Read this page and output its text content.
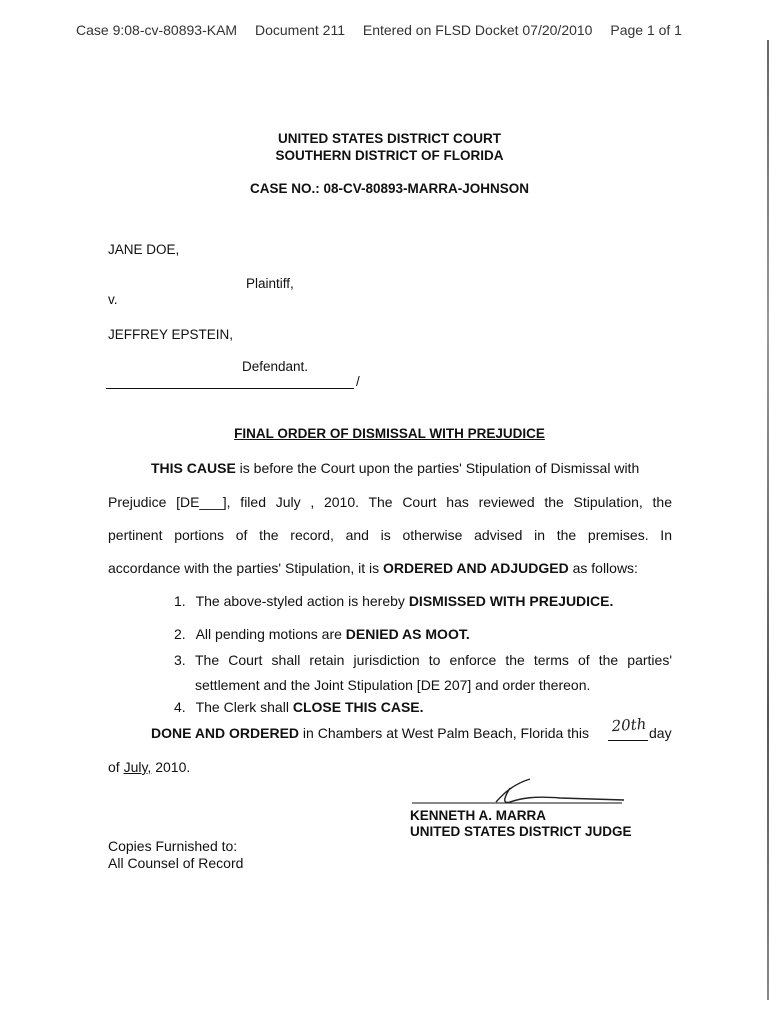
Case 9:08-cv-80893-KAM Document 211 Entered on FLSD Docket 07/20/2010 Page 1 of 1
UNITED STATES DISTRICT COURT
SOUTHERN DISTRICT OF FLORIDA
CASE NO.: 08-CV-80893-MARRA-JOHNSON
JANE DOE,
Plaintiff,
v.
JEFFREY EPSTEIN,
Defendant.
/
FINAL ORDER OF DISMISSAL WITH PREJUDICE
THIS CAUSE is before the Court upon the parties' Stipulation of Dismissal with
Prejudice [DE___], filed July , 2010. The Court has reviewed the Stipulation, the
pertinent portions of the record, and is otherwise advised in the premises. In
accordance with the parties' Stipulation, it is ORDERED AND ADJUDGED as follows:
1. The above-styled action is hereby DISMISSED WITH PREJUDICE.
2. All pending motions are DENIED AS MOOT.
3. The Court shall retain jurisdiction to enforce the terms of the parties'
settlement and the Joint Stipulation [DE 207] and order thereon.
4. The Clerk shall CLOSE THIS CASE.
DONE AND ORDERED in Chambers at West Palm Beach, Florida this 20th day
of July, 2010.
KENNETH A. MARRA
UNITED STATES DISTRICT JUDGE
Copies Furnished to:
All Counsel of Record
